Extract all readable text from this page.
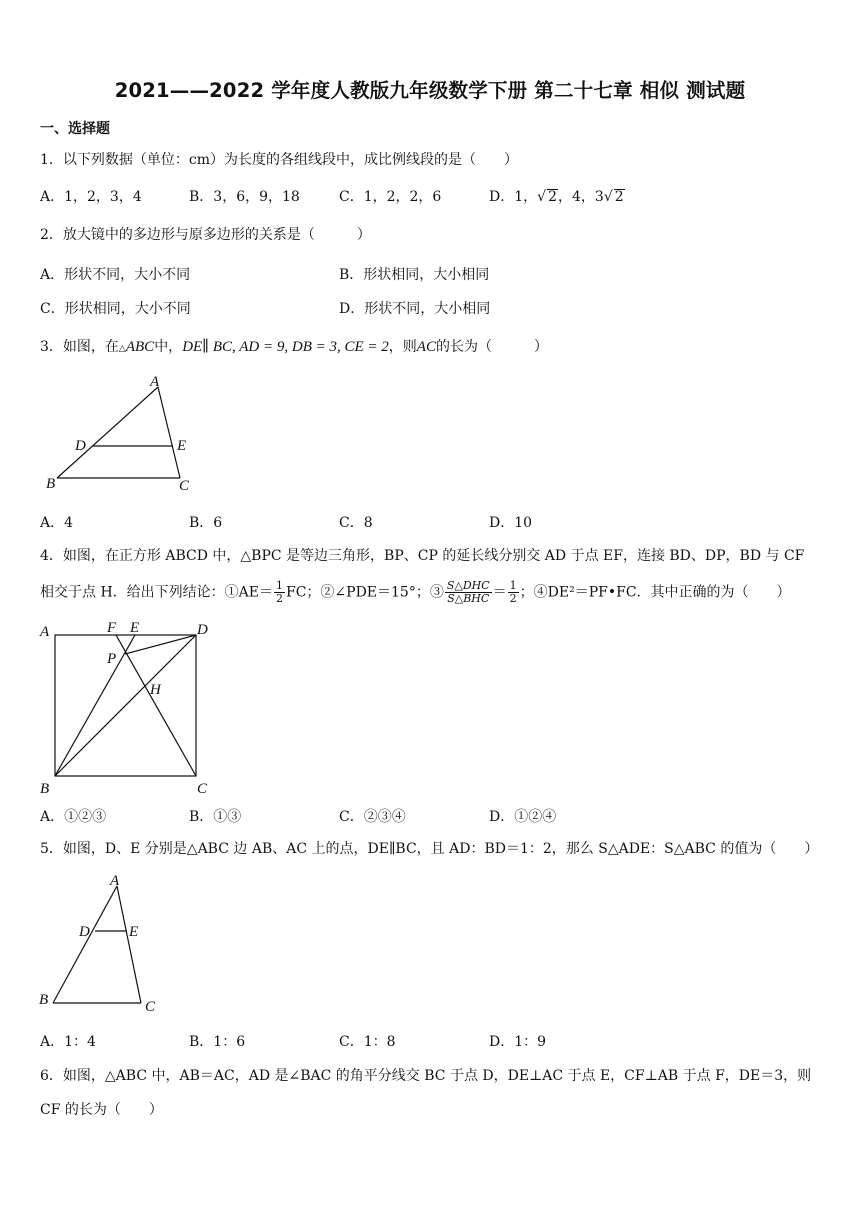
2021——2022 学年度人教版九年级数学下册 第二十七章 相似 测试题
一、选择题
1．以下列数据（单位：cm）为长度的各组线段中，成比例线段的是（　　）
A．1，2，3，4	B．3，6，9，18	C．1，2，2，6	D．1，√ 2，4，3√ 2
2．放大镜中的多边形与原多边形的关系是（　　　）
A．形状不同，大小不同	B．形状相同，大小相同
C．形状相同，大小不同	D．形状不同，大小相同
3．如图，在△ABC中，DE∥ BC, AD = 9, DB = 3, CE = 2，则AC的长为（　　　）
A
D	E
B	C
A．4	B．6	C．8	D．10
4．如图，在正方形 ABCD 中，△BPC 是等边三角形，BP、CP 的延长线分别交 AD 于点 EF，连接 BD、DP，BD 与 CF
相交于点 H．给出下列结论：①AE＝ $\frac{1}{2}$ FC；②∠PDE＝15°；③ $\frac{\text{S△DHC}}{\text{S△BHC}} = \frac{1}{2}$ ；④DE²＝PF•FC．其中正确的为（　　）
A	F E	D
P
H
B	C
A．①②③	B．①③	C．②③④	D．①②④
5．如图，D、E 分别是△ABC 边 AB、AC 上的点，DE∥BC，且 AD：BD＝1：2，那么 S△ADE：S△ABC 的值为（　　）
A
D	E
B	C
A．1：4	B．1：6	C．1：8	D．1：9
6．如图，△ABC 中，AB＝AC，AD 是∠BAC 的角平分线交 BC 于点 D，DE⊥AC 于点 E，CF⊥AB 于点 F，DE＝3，则
CF 的长为（　　）
